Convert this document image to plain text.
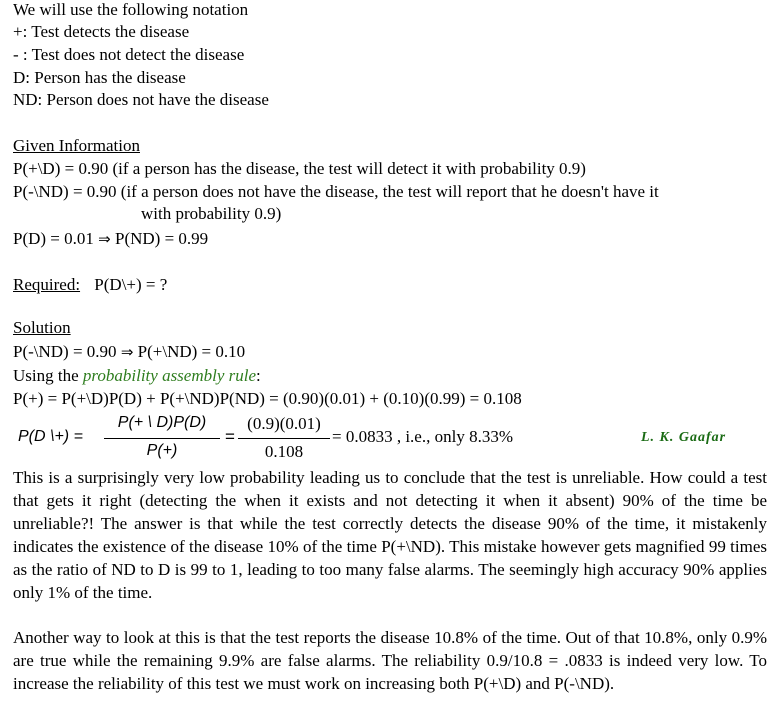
We will use the following notation
+: Test detects the disease
- : Test does not detect the disease
D: Person has the disease
ND: Person does not have the disease
Given Information
P(+\D) = 0.90 (if a person has the disease, the test will detect it with probability 0.9)
P(-\ND) = 0.90 (if a person does not have the disease, the test will report that he doesn't have it
with probability 0.9)
P(D) = 0.01 ⇒ P(ND) = 0.99
Required: P(D\+) = ?
Solution
P(-\ND) = 0.90 ⇒ P(+\ND) = 0.10
Using the probability assembly rule:
P(+) = P(+\D)P(D) + P(+\ND)P(ND) = (0.90)(0.01) + (0.10)(0.99) = 0.108
P(D \+) =
P(+ \ D)P(D)
P(+)
=
(0.9)(0.01)
0.108
= 0.0833 , i.e., only 8.33%	L. K. Gaafar
This is a surprisingly very low probability leading us to conclude that the test is unreliable. How could a test that gets it right (detecting the when it exists and not detecting it when it absent) 90% of the time be unreliable?! The answer is that while the test correctly detects the disease 90% of the time, it mistakenly indicates the existence of the disease 10% of the time P(+\ND). This mistake however gets magnified 99 times as the ratio of ND to D is 99 to 1, leading to too many false alarms. The seemingly high accuracy 90% applies only 1% of the time.
Another way to look at this is that the test reports the disease 10.8% of the time. Out of that 10.8%, only 0.9% are true while the remaining 9.9% are false alarms. The reliability 0.9/10.8 = .0833 is indeed very low. To increase the reliability of this test we must work on increasing both P(+\D) and P(-\ND).
